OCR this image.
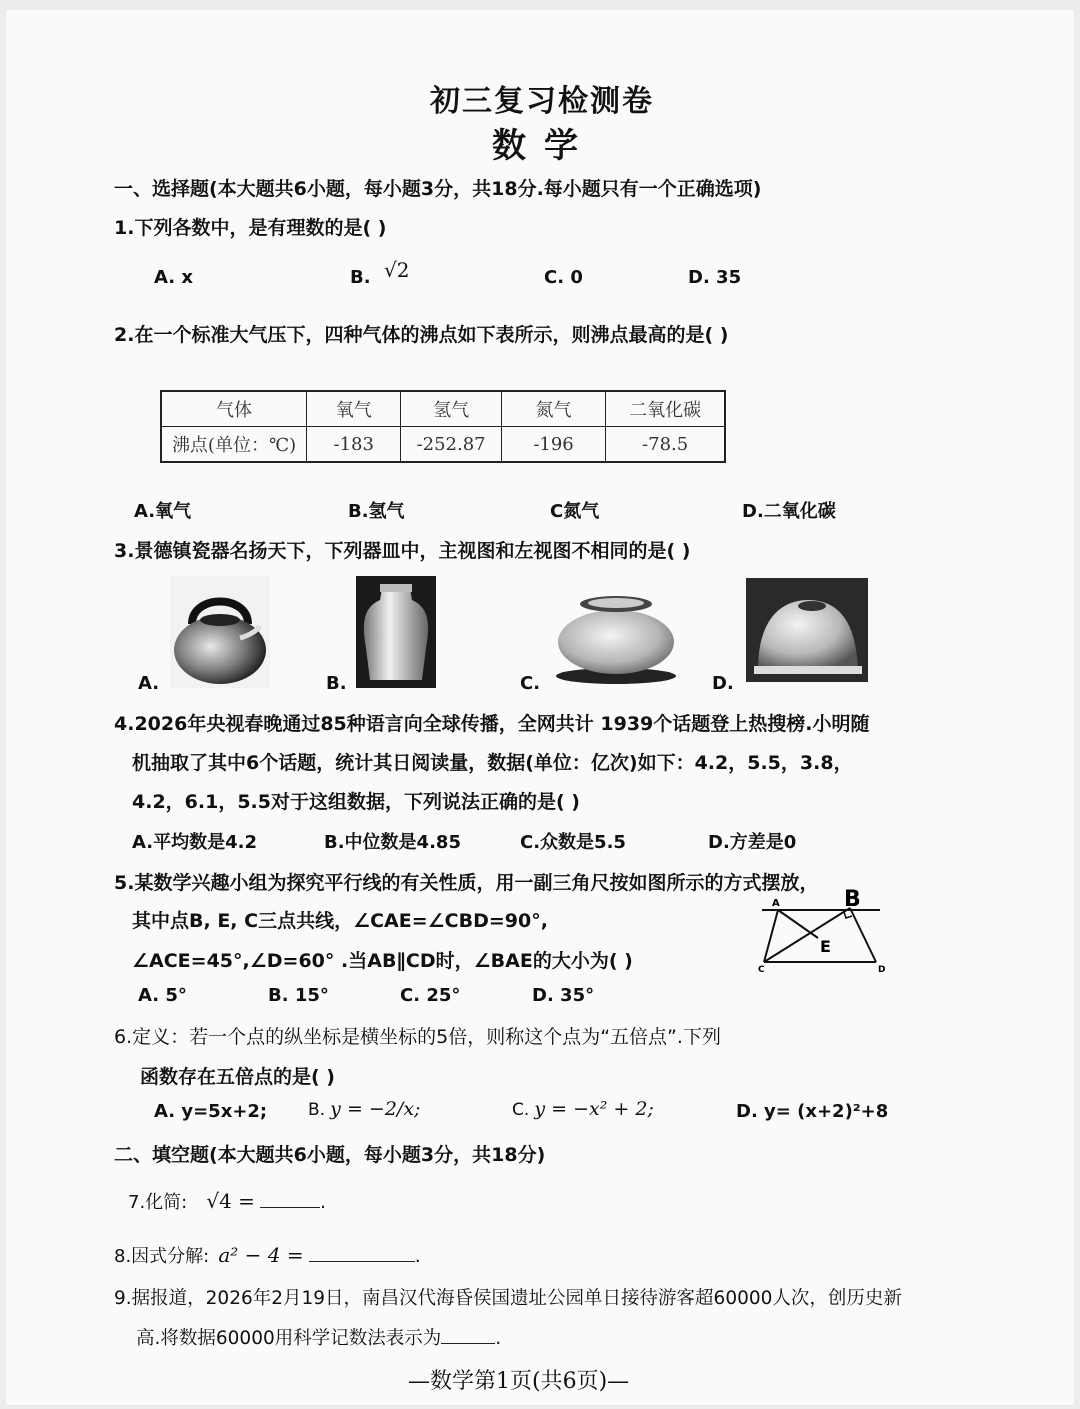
初三复习检测卷
数学
一、选择题(本大题共6小题，每小题3分，共18分.每小题只有一个正确选项)
1.下列各数中，是有理数的是( )
A. x	B. √2	C. 0	D. 35
2.在一个标准大气压下，四种气体的沸点如下表所示，则沸点最高的是( )
气体	氧气	氢气	氮气	二氧化碳
沸点(单位：℃)	-183	-252.87	-196	-78.5
A.氧气	B.氢气	C氮气	D.二氧化碳
3.景德镇瓷器名扬天下，下列器皿中，主视图和左视图不相同的是( )
A.	B.	C.	D.
4.2026年央视春晚通过85种语言向全球传播，全网共计 1939个话题登上热搜榜.小明随
机抽取了其中6个话题，统计其日阅读量，数据(单位：亿次)如下：4.2，5.5，3.8，
4.2，6.1，5.5对于这组数据，下列说法正确的是( )
A.平均数是4.2	B.中位数是4.85	C.众数是5.5	D.方差是0
5.某数学兴趣小组为探究平行线的有关性质，用一副三角尺按如图所示的方式摆放，
其中点B, E, C三点共线，∠CAE=∠CBD=90°,
∠ACE=45°,∠D=60° .当AB∥CD时，∠BAE的大小为( )
A. 5°	B. 15°	C. 25°	D. 35°
A	B
E
C	D
6.定义：若一个点的纵坐标是横坐标的5倍，则称这个点为“五倍点”.下列
函数存在五倍点的是( )
A. y=5x+2; B. y = −2/x;	C. y = −x² + 2;	D. y= (x+2)²+8
二、填空题(本大题共6小题，每小题3分，共18分)
7.化简: √4 =	.
8.因式分解: a² − 4 =	.
9.据报道，2026年2月19日，南昌汉代海昏侯国遗址公园单日接待游客超60000人次，创历史新
高.将数据60000用科学记数法表示为	.
—数学第1页(共6页)—
